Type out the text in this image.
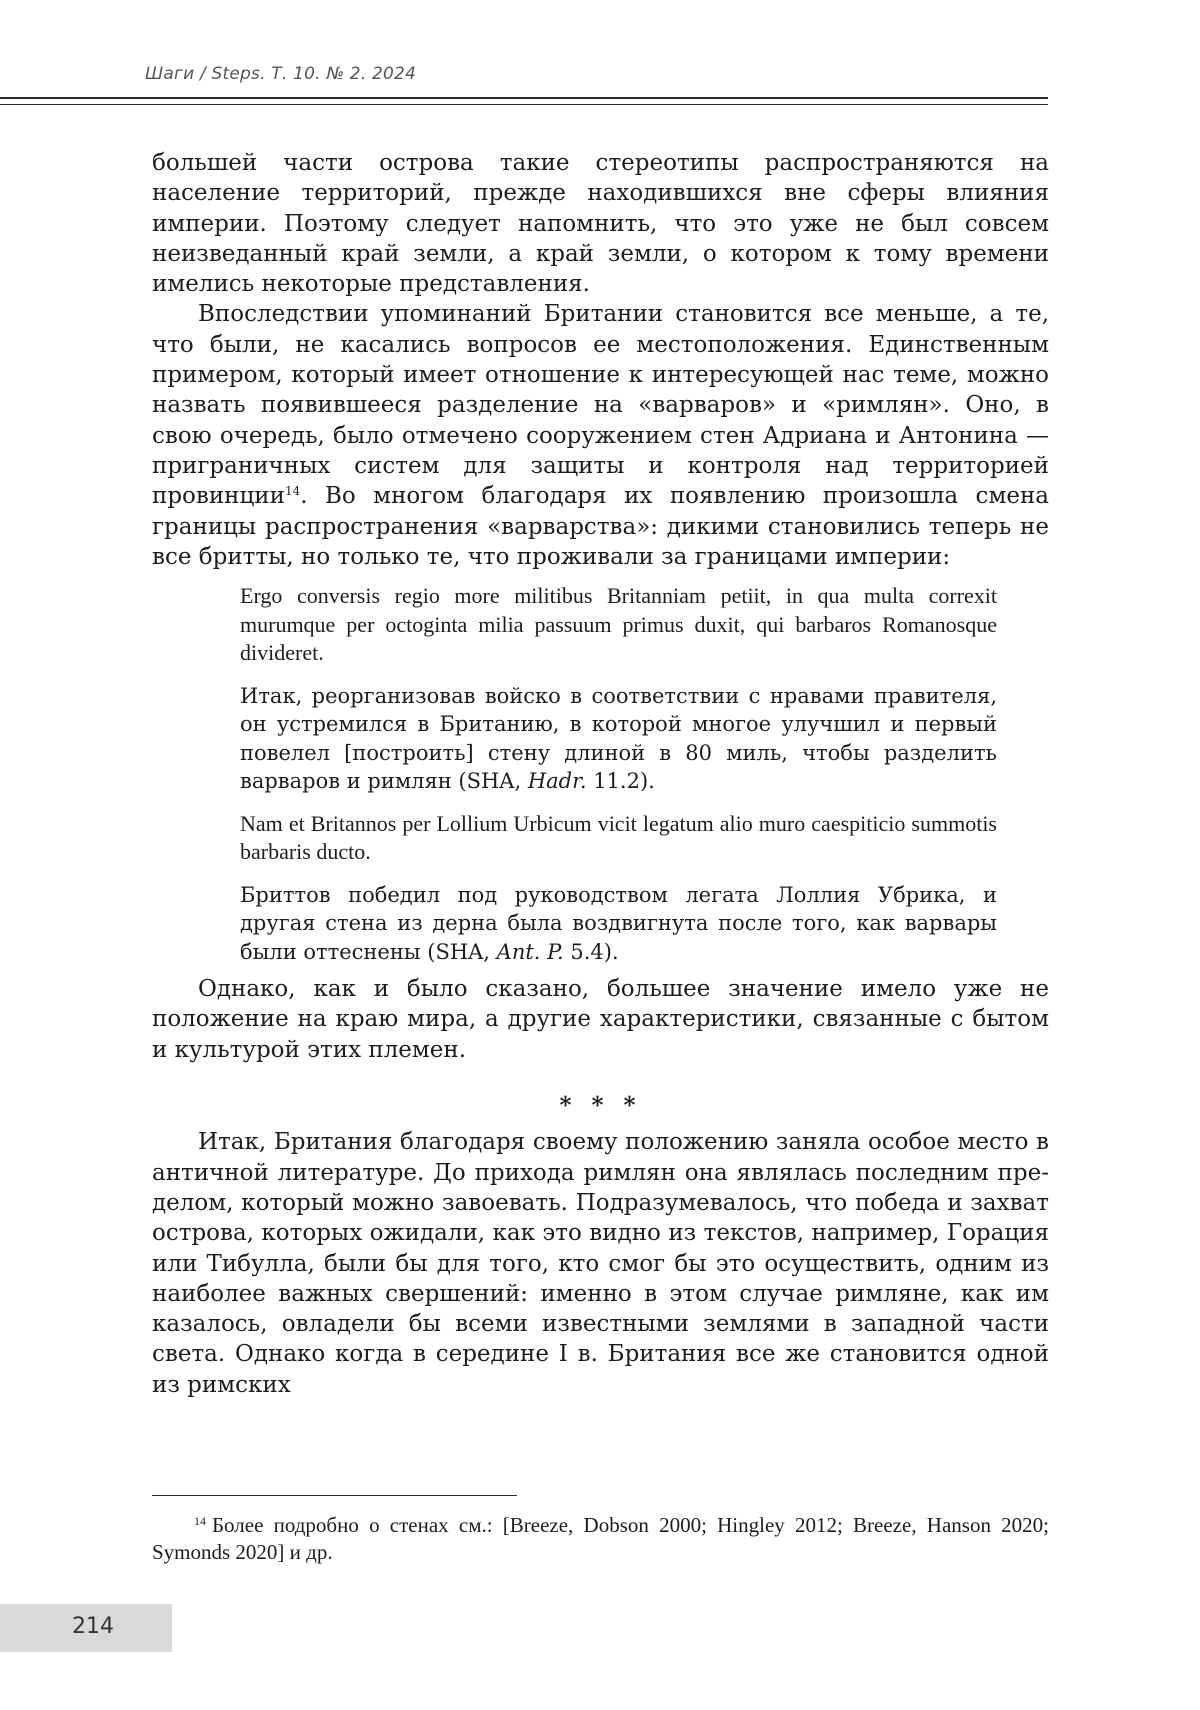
Шаги / Steps. Т. 10. № 2. 2024

большей части острова такие стереотипы распространяются на население территорий, прежде находившихся вне сферы влияния империи. Поэтому следует напомнить, что это уже не был совсем неизведанный край земли, а край земли, о котором к тому времени имелись некоторые представления.

Впоследствии упоминаний Британии становится все меньше, а те, что были, не касались вопросов ее местоположения. Единственным примером, который имеет отношение к интересующей нас теме, можно назвать появившееся разделение на «варваров» и «римлян». Оно, в свою очередь, было отмечено сооружением стен Адриана и Антонина — приграничных систем для защиты и контроля над территорией провинции$^{14}$. Во многом благодаря их появлению произошла смена границы распространения «варварства»: дикими становились теперь не все бритты, но только те, что проживали за границами империи:

Ergo conversis regio more militibus Britanniam petiit, in qua multa correxit murumque per octoginta milia passuum primus duxit, qui barbaros Romanosque divideret.

Итак, реорганизовав войско в соответствии с нравами правителя, он устремился в Британию, в которой многое улучшил и первый повелел [построить] стену длиной в 80 миль, чтобы разделить варваров и римлян (SHA, Hadr. 11.2).

Nam et Britannos per Lollium Urbicum vicit legatum alio muro caespiticio summotis barbaris ducto.

Бриттов победил под руководством легата Лоллия Убрика, и другая стена из дерна была воздвигнута после того, как варвары были оттеснены (SHA, Ant. P. 5.4).

Однако, как и было сказано, большее значение имело уже не положение на краю мира, а другие характеристики, связанные с бытом и культурой этих племен.

* * *

Итак, Британия благодаря своему положению заняла особое место в античной литературе. До прихода римлян она являлась последним пределом, который можно завоевать. Подразумевалось, что победа и захват острова, которых ожидали, как это видно из текстов, например, Горация или Тибулла, были бы для того, кто смог бы это осуществить, одним из наиболее важных свершений: именно в этом случае римляне, как им казалось, овладели бы всеми известными землями в западной части света. Однако когда в середине I в. Британия все же становится одной из римских

$^{14}$ Более подробно о стенах см.: [Breeze, Dobson 2000; Hingley 2012; Breeze, Hanson 2020; Symonds 2020] и др.
214
